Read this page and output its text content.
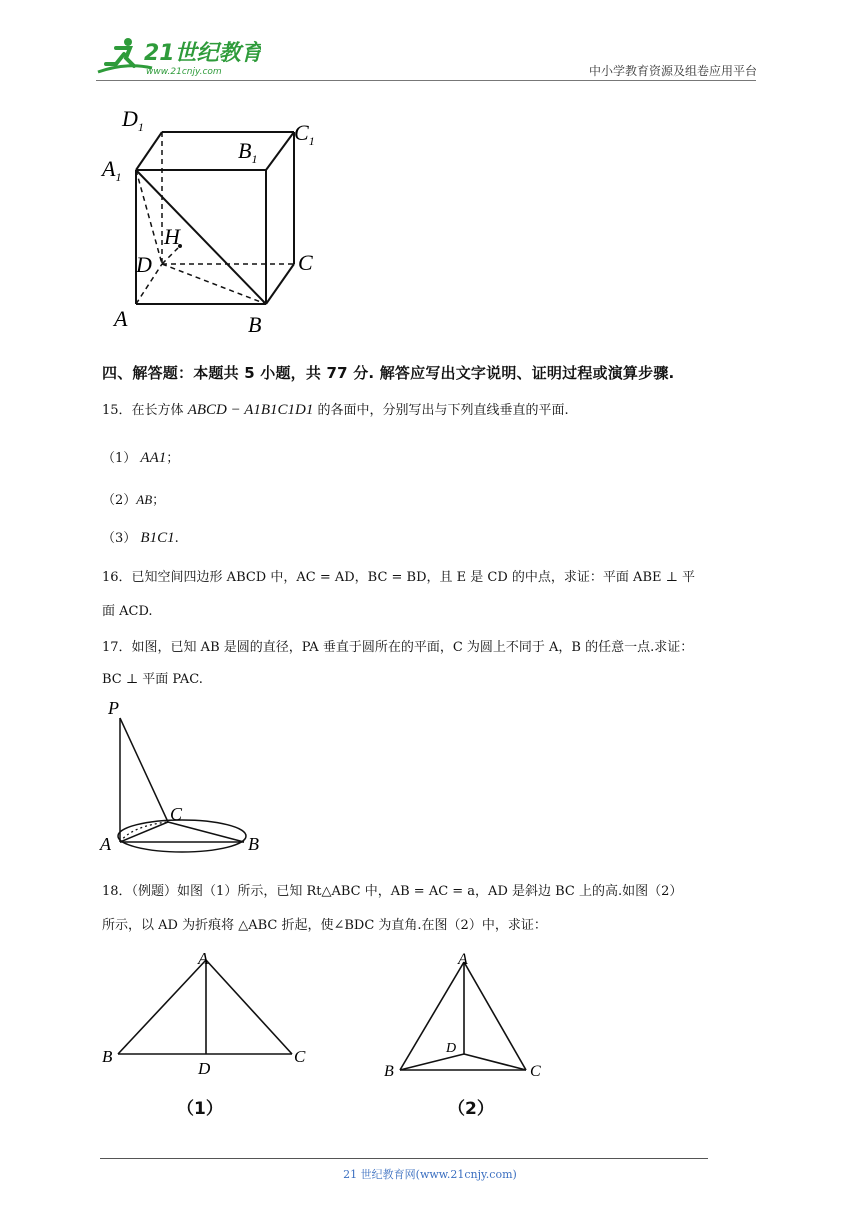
21世纪教育
www.21cnjy.com	中小学教育资源及组卷应用平台
$D_1$	$C_1$
$B_1$
$A_1$
H
D	C
A	B
四、解答题：本题共 5 小题，共 77 分. 解答应写出文字说明、证明过程或演算步骤.
15．在长方体 ABCD − A1B1C1D1 的各面中，分别写出与下列直线垂直的平面.
（1） AA1；
（2）AB；
（3） B1C1.
16．已知空间四边形 ABCD 中，AC = AD，BC = BD，且 E 是 CD 的中点，求证：平面 ABE ⊥ 平
面 ACD.
17．如图，已知 AB 是圆的直径，PA 垂直于圆所在的平面，C 为圆上不同于 A，B 的任意一点.求证：
BC ⊥ 平面 PAC.
P
C
A	B
18．（例题）如图（1）所示，已知 Rt△ABC 中，AB = AC = a，AD 是斜边 BC 上的高.如图（2）
所示，以 AD 为折痕将 △ABC 折起，使∠BDC 为直角.在图（2）中，求证：
A
B
D
C
（1）
A
D
B	C
（2）
21 世纪教育网(www.21cnjy.com)
